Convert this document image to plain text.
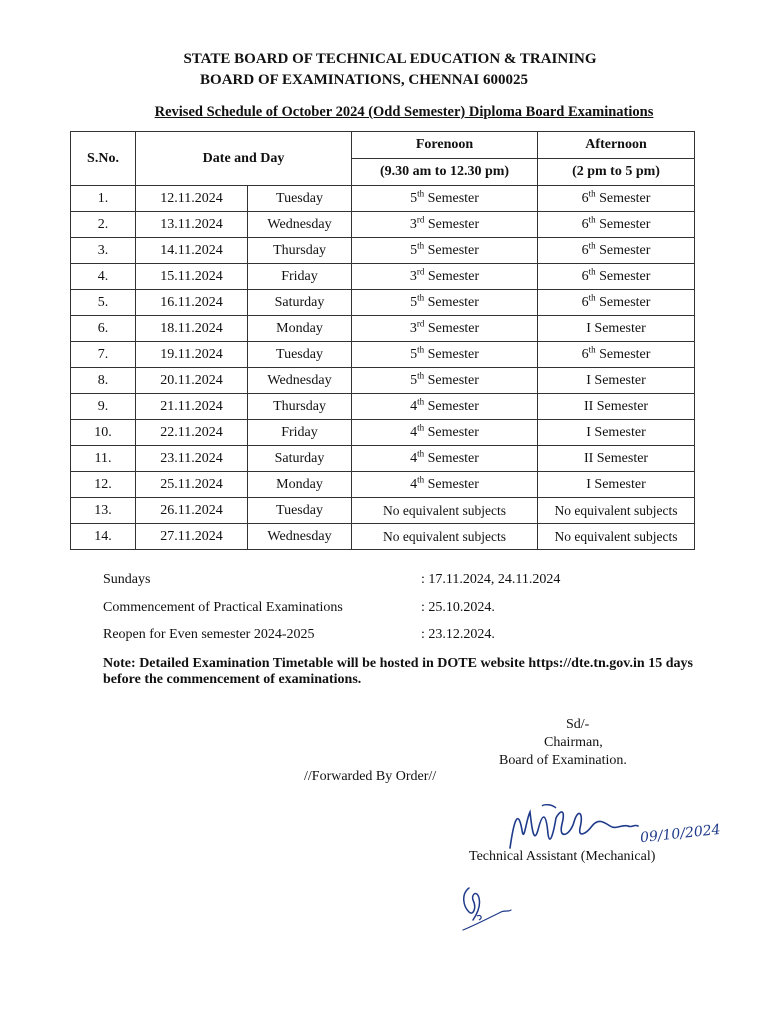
STATE BOARD OF TECHNICAL EDUCATION & TRAINING
BOARD OF EXAMINATIONS, CHENNAI 600025
Revised Schedule of October 2024 (Odd Semester) Diploma Board Examinations
S.No.	Date and Day		Forenoon	Afternoon
			(9.30 am to 12.30 pm)	(2 pm to 5 pm)
1.	12.11.2024	Tuesday	5th Semester	6th Semester
2.	13.11.2024	Wednesday	3rd Semester	6th Semester
3.	14.11.2024	Thursday	5th Semester	6th Semester
4.	15.11.2024	Friday	3rd Semester	6th Semester
5.	16.11.2024	Saturday	5th Semester	6th Semester
6.	18.11.2024	Monday	3rd Semester	I Semester
7.	19.11.2024	Tuesday	5th Semester	6th Semester
8.	20.11.2024	Wednesday	5th Semester	I Semester
9.	21.11.2024	Thursday	4th Semester	II Semester
10.	22.11.2024	Friday	4th Semester	I Semester
11.	23.11.2024	Saturday	4th Semester	II Semester
12.	25.11.2024	Monday	4th Semester	I Semester
13.	26.11.2024	Tuesday	No equivalent subjects	No equivalent subjects
14.	27.11.2024	Wednesday	No equivalent subjects	No equivalent subjects
Sundays	: 17.11.2024, 24.11.2024
Commencement of Practical Examinations	: 25.10.2024.
Reopen for Even semester 2024-2025	: 23.12.2024.
Note: Detailed Examination Timetable will be hosted in DOTE website https://dte.tn.gov.in 15 days before the commencement of examinations.
Sd/-
Chairman,
Board of Examination.
//Forwarded By Order//
09/10/2024
Technical Assistant (Mechanical)
